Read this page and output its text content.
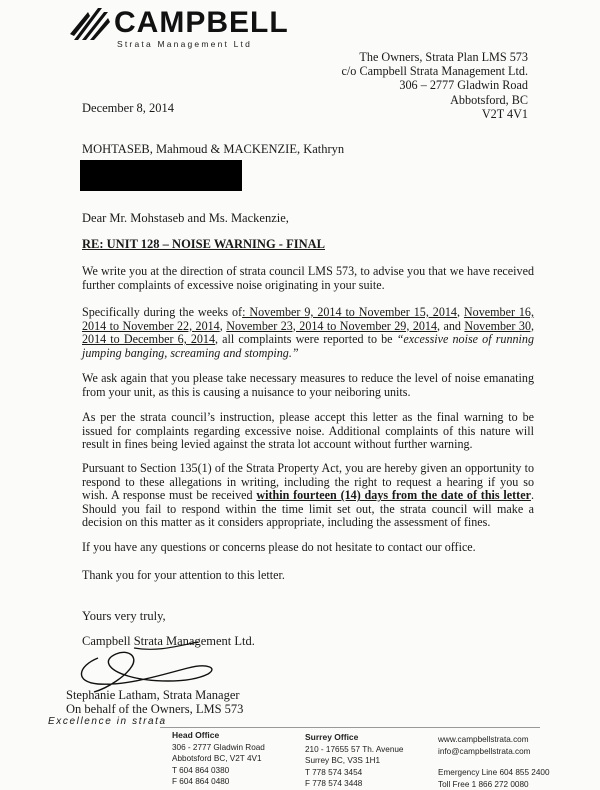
CAMPBELL
Strata Management Ltd
The Owners, Strata Plan LMS 573
c/o Campbell Strata Management Ltd.
306 – 2777 Gladwin Road
Abbotsford, BC
V2T 4V1
December 8, 2014
MOHTASEB, Mahmoud & MACKENZIE, Kathryn
Dear Mr. Mohstaseb and Ms. Mackenzie,
RE: UNIT 128 – NOISE WARNING - FINAL
We write you at the direction of strata council LMS 573, to advise you that we have received further complaints of excessive noise originating in your suite.
Specifically during the weeks of: November 9, 2014 to November 15, 2014, November 16, 2014 to November 22, 2014, November 23, 2014 to November 29, 2014, and November 30, 2014 to December 6, 2014, all complaints were reported to be “excessive noise of running jumping banging, screaming and stomping.”
We ask again that you please take necessary measures to reduce the level of noise emanating from your unit, as this is causing a nuisance to your neiboring units.
As per the strata council’s instruction, please accept this letter as the final warning to be issued for complaints regarding excessive noise. Additional complaints of this nature will result in fines being levied against the strata lot account without further warning.
Pursuant to Section 135(1) of the Strata Property Act, you are hereby given an opportunity to respond to these allegations in writing, including the right to request a hearing if you so wish. A response must be received within fourteen (14) days from the date of this letter. Should you fail to respond within the time limit set out, the strata council will make a decision on this matter as it considers appropriate, including the assessment of fines.
If you have any questions or concerns please do not hesitate to contact our office.
Thank you for your attention to this letter.
Yours very truly,
Campbell Strata Management Ltd.
Stephanie Latham, Strata Manager
On behalf of the Owners, LMS 573
Excellence in strata
Head Office
306 - 2777 Gladwin Road
Abbotsford BC, V2T 4V1
T 604 864 0380
F 604 864 0480
Surrey Office
210 - 17655 57 Th. Avenue
Surrey BC, V3S 1H1
T 778 574 3454
F 778 574 3448
www.campbellstrata.com
info@campbellstrata.com
Emergency Line 604 855 2400
Toll Free 1 866 272 0080
